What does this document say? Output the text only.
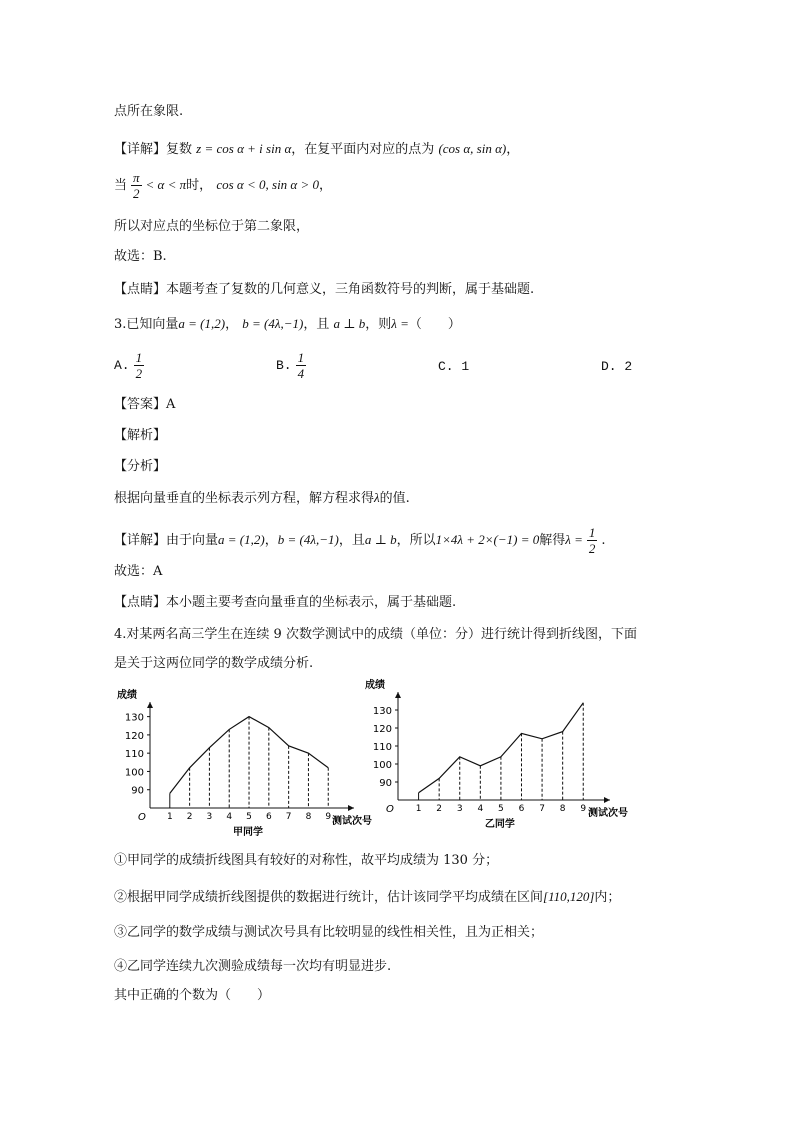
点所在象限.
【详解】复数 z = cos α + i sin α，在复平面内对应的点为 (cos α, sin α)，
当 $\frac{\pi}{2} < \alpha < \pi$时， cos α < 0, sin α > 0，
所以对应点的坐标位于第二象限，
故选：B.
【点睛】本题考查了复数的几何意义，三角函数符号的判断，属于基础题.
3.已知向量a = (1,2)， b = (4λ,−1)，且 a ⊥ b，则λ =（　　）
A. $\frac{1}{2}$	B. $\frac{1}{4}$	C. 1	D. 2
【答案】A
【解析】
【分析】
根据向量垂直的坐标表示列方程，解方程求得λ的值.
【详解】由于向量a = (1,2)，b = (4λ,−1)，且a ⊥ b，所以1×4λ + 2×(−1) = 0解得$\lambda = \frac{1}{2}$ .
故选：A
【点睛】本小题主要考查向量垂直的坐标表示，属于基础题.
4.对某两名高三学生在连续 9 次数学测试中的成绩（单位：分）进行统计得到折线图，下面
是关于这两位同学的数学成绩分析.
成绩
测试次号
O
甲同学
90
100
110
120
130
1 2 3 4 5 6 7 8 9
成绩
测试次号
O
乙同学
90
100
110
120
130
1 2 3 4 5 6 7 8 9
①甲同学的成绩折线图具有较好的对称性，故平均成绩为 130 分；
②根据甲同学成绩折线图提供的数据进行统计，估计该同学平均成绩在区间[110,120]内；
③乙同学的数学成绩与测试次号具有比较明显的线性相关性，且为正相关；
④乙同学连续九次测验成绩每一次均有明显进步.
其中正确的个数为（　　）
